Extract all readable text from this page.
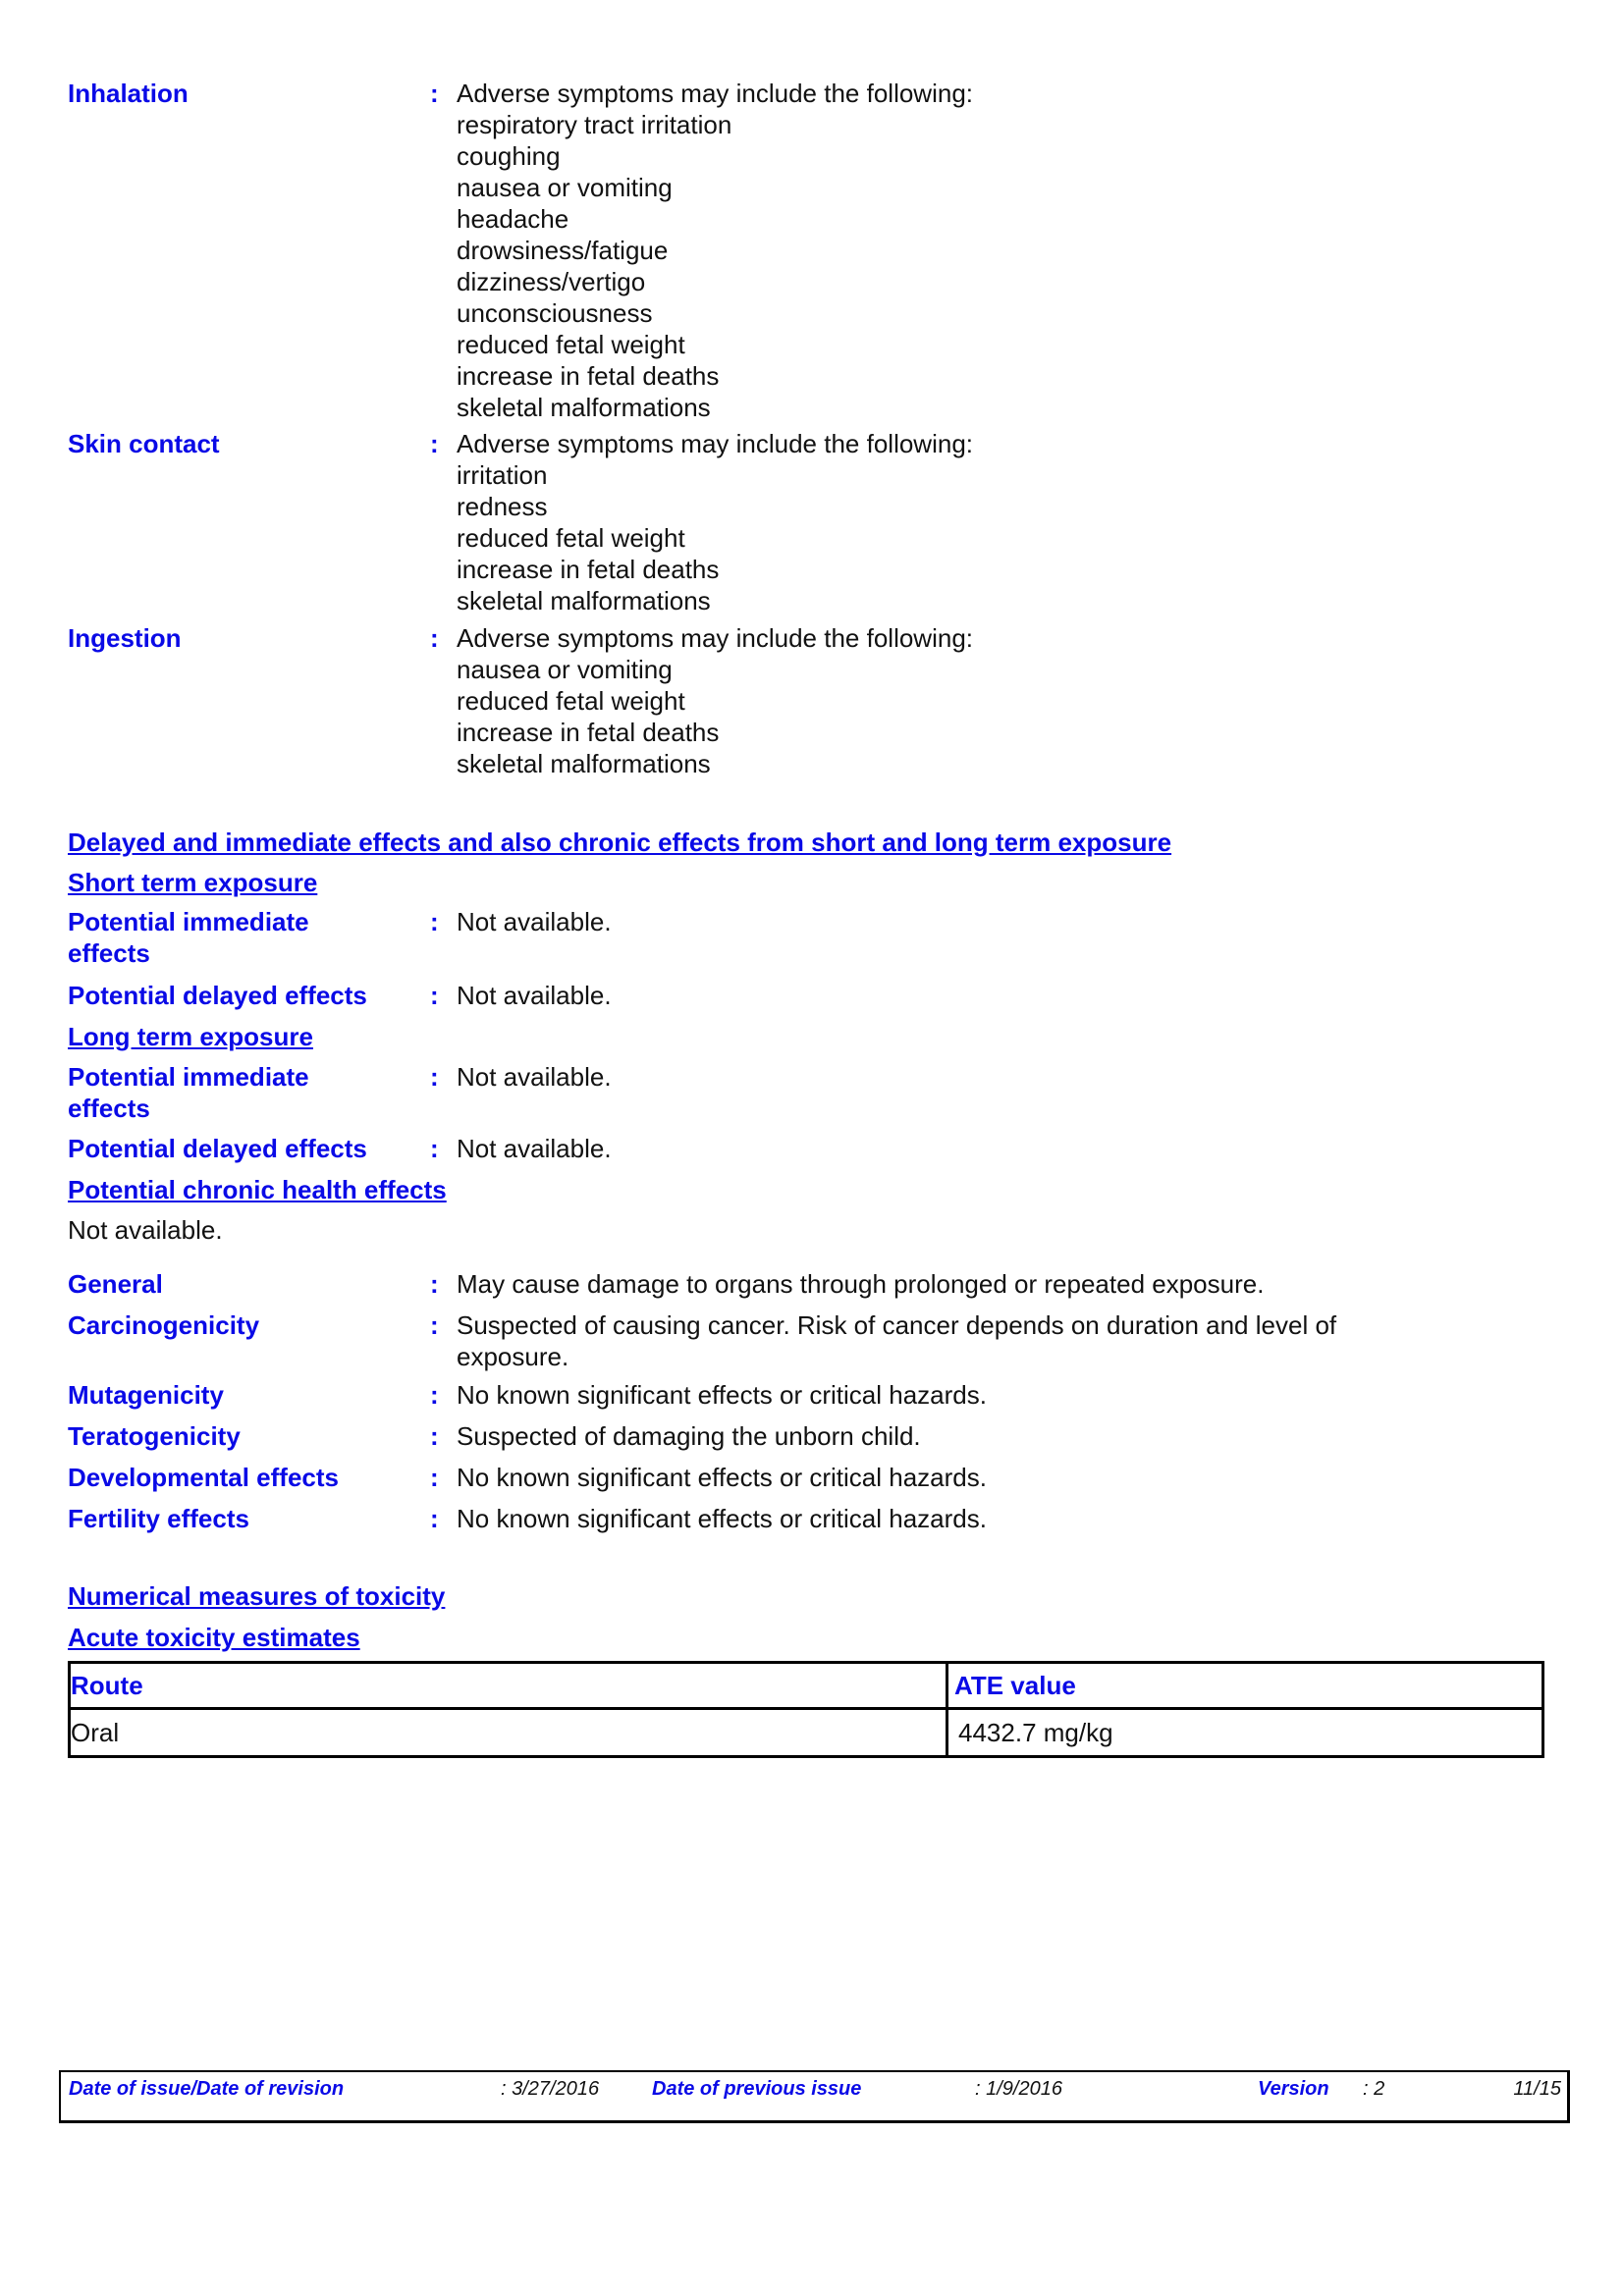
Inhalation	: Adverse symptoms may include the following:
respiratory tract irritation
coughing
nausea or vomiting
headache
drowsiness/fatigue
dizziness/vertigo
unconsciousness
reduced fetal weight
increase in fetal deaths
skeletal malformations
Skin contact	: Adverse symptoms may include the following:
irritation
redness
reduced fetal weight
increase in fetal deaths
skeletal malformations
Ingestion	: Adverse symptoms may include the following:
nausea or vomiting
reduced fetal weight
increase in fetal deaths
skeletal malformations
Delayed and immediate effects and also chronic effects from short and long term exposure
Short term exposure
Potential immediate
effects
: Not available.
Potential delayed effects : Not available.
Long term exposure
Potential immediate
effects
: Not available.
Potential delayed effects : Not available.
Potential chronic health effects
Not available.
General	: May cause damage to organs through prolonged or repeated exposure.
Carcinogenicity	: Suspected of causing cancer. Risk of cancer depends on duration and level of
exposure.
Mutagenicity	: No known significant effects or critical hazards.
Teratogenicity	: Suspected of damaging the unborn child.
Developmental effects	: No known significant effects or critical hazards.
Fertility effects	: No known significant effects or critical hazards.
Numerical measures of toxicity
Acute toxicity estimates
Route	ATE value
Oral	4432.7 mg/kg
Date of issue/Date of revision	: 3/27/2016	Date of previous issue	: 1/9/2016	Version : 2	11/15
